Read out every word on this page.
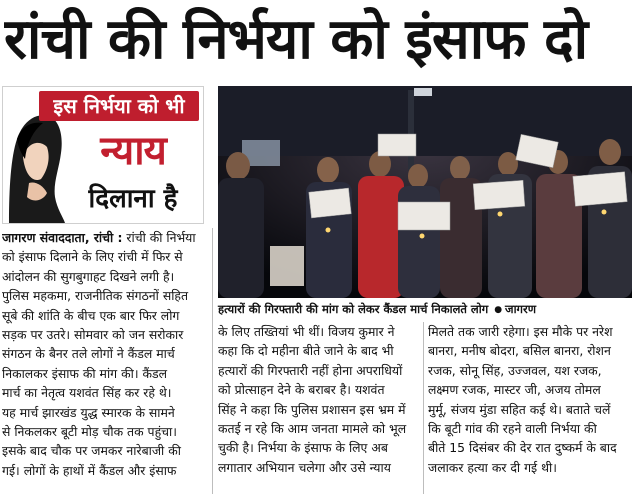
रांची की निर्भया को इंसाफ दो
इस निर्भया को भी
न्याय
दिलाना है
हत्यारों की गिरफ्तारी की मांग को लेकर कैंडल मार्च निकालते लोग● जागरण
जागरण संवाददाता, रांची : रांची की निर्भया
को इंसाफ दिलाने के लिए रांची में फिर से
आंदोलन की सुगबुगाहट दिखने लगी है।
पुलिस महकमा, राजनीतिक संगठनों सहित
सूबे की शांति के बीच एक बार फिर लोग
सड़क पर उतरे। सोमवार को जन सरोकार
संगठन के बैनर तले लोगों ने कैंडल मार्च
निकालकर इंसाफ की मांग की। कैंडल
मार्च का नेतृत्व यशवंत सिंह कर रहे थे।
यह मार्च झारखंड युद्ध स्मारक के सामने
से निकलकर बूटी मोड़ चौक तक पहुंचा।
इसके बाद चौक पर जमकर नारेबाजी की
गई। लोगों के हाथों में कैंडल और इंसाफ
के लिए तख्तियां भी थीं। विजय कुमार ने
कहा कि दो महीना बीते जाने के बाद भी
हत्यारों की गिरफ्तारी नहीं होना अपराधियों
को प्रोत्साहन देने के बराबर है। यशवंत
सिंह ने कहा कि पुलिस प्रशासन इस भ्रम में
कतई न रहे कि आम जनता मामले को भूल
चुकी है। निर्भया के इंसाफ के लिए अब
लगातार अभियान चलेगा और उसे न्याय
मिलते तक जारी रहेगा। इस मौके पर नरेश
बानरा, मनीष बोदरा, बसिल बानरा, रोशन
रजक, सोनू सिंह, उज्जवल, यश रजक,
लक्ष्मण रजक, मास्टर जी, अजय तोमल
मुर्मू, संजय मुंडा सहित कई थे। बताते चलें
कि बूटी गांव की रहने वाली निर्भया की
बीते 15 दिसंबर की देर रात दुष्कर्म के बाद
जलाकर हत्या कर दी गई थी।
